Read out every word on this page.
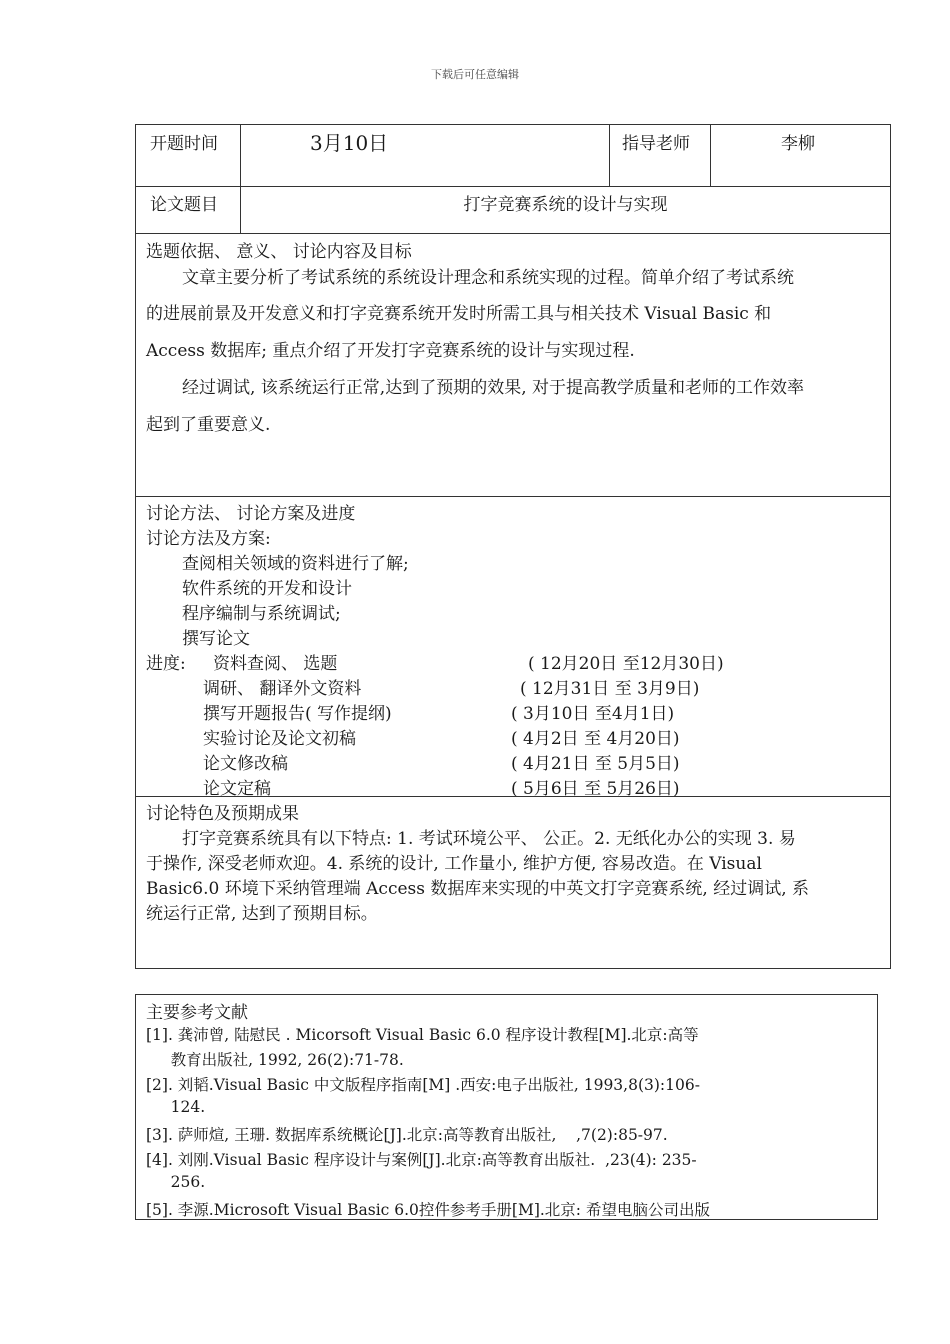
下载后可任意编辑
开题时间	3月10日	指导老师	李柳
论文题目	打字竞赛系统的设计与实现
选题依据、 意义、 讨论内容及目标
文章主要分析了考试系统的系统设计理念和系统实现的过程。简单介绍了考试系统
的进展前景及开发意义和打字竞赛系统开发时所需工具与相关技术 Visual Basic 和
Access 数据库; 重点介绍了开发打字竞赛系统的设计与实现过程.
经过调试, 该系统运行正常,达到了预期的效果, 对于提高教学质量和老师的工作效率
起到了重要意义.
讨论方法、 讨论方案及进度
讨论方法及方案:
查阅相关领域的资料进行了解;
软件系统的开发和设计
程序编制与系统调试;
撰写论文
进度: 资料查阅、 选题	( 12月20日 至12月30日)
调研、 翻译外文资料	( 12月31日 至 3月9日)
撰写开题报告( 写作提纲)	( 3月10日 至4月1日)
实验讨论及论文初稿	( 4月2日 至 4月20日)
论文修改稿	( 4月21日 至 5月5日)
论文定稿	( 5月6日 至 5月26日)
讨论特色及预期成果
打字竞赛系统具有以下特点: 1. 考试环境公平、 公正。2. 无纸化办公的实现 3. 易
于操作, 深受老师欢迎。4. 系统的设计, 工作量小, 维护方便, 容易改造。在 Visual
Basic6.0 环境下采纳管理端 Access 数据库来实现的中英文打字竞赛系统, 经过调试, 系
统运行正常, 达到了预期目标。
主要参考文献
[1]. 龚沛曾, 陆慰民 . Micorsoft Visual Basic 6.0 程序设计教程[M].北京:高等
教育出版社, 1992, 26(2):71-78.
[2]. 刘韬.Visual Basic 中文版程序指南[M] .西安:电子出版社, 1993,8(3):106-
124.
[3]. 萨师煊, 王珊. 数据库系统概论[J].北京:高等教育出版社,    ,7(2):85-97.
[4]. 刘刚.Visual Basic 程序设计与案例[J].北京:高等教育出版社.  ,23(4): 235-
256.
[5]. 李源.Microsoft Visual Basic 6.0控件参考手册[M].北京: 希望电脑公司出版
